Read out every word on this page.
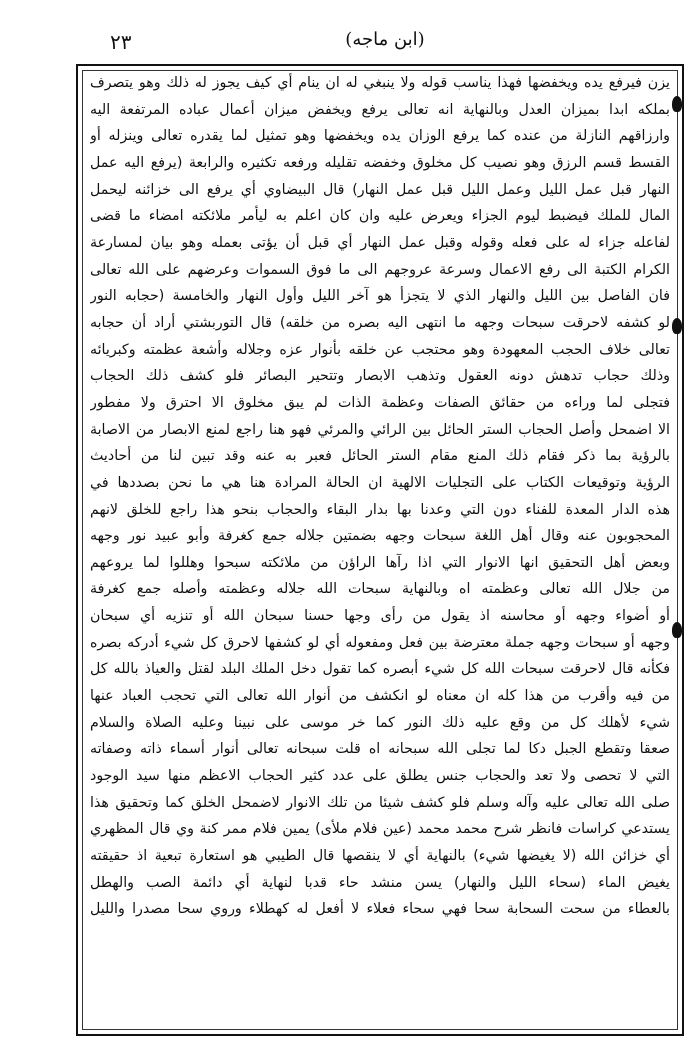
(ابن ماجه)
٢٣
يزن فيرفع يده ويخفضها فهذا يناسب قوله ولا ينبغي له ان ينام أي كيف يجوز له ذلك وهو يتصرف
بملكه ابدا بميزان العدل وبالنهاية انه تعالى يرفع ويخفض ميزان أعمال عباده المرتفعة اليه
وارزاقهم النازلة من عنده كما يرفع الوزان يده ويخفضها وهو تمثيل لما يقدره تعالى وينزله أو
القسط قسم الرزق وهو نصيب كل مخلوق وخفضه تقليله ورفعه تكثيره والرابعة (يرفع اليه عمل
النهار قبل عمل الليل وعمل الليل قبل عمل النهار) قال البيضاوي أي يرفع الى خزائنه ليحمل
المال للملك فيضبط ليوم الجزاء ويعرض عليه وان كان اعلم به ليأمر ملائكته امضاء ما قضى
لفاعله جزاء له على فعله وقوله وقبل عمل النهار أي قبل أن يؤتى بعمله وهو بيان لمسارعة
الكرام الكتبة الى رفع الاعمال وسرعة عروجهم الى ما فوق السموات وعرضهم على الله تعالى
فان الفاصل بين الليل والنهار الذي لا يتجزأ هو آخر الليل وأول النهار والخامسة (حجابه النور
لو كشفه لاحرقت سبحات وجهه ما انتهى اليه بصره من خلقه) قال التوربشتي أراد أن حجابه
تعالى خلاف الحجب المعهودة وهو محتجب عن خلقه بأنوار عزه وجلاله وأشعة عظمته وكبريائه
وذلك حجاب تدهش دونه العقول وتذهب الابصار وتتحير البصائر فلو كشف ذلك الحجاب
فتجلى لما وراءه من حقائق الصفات وعظمة الذات لم يبق مخلوق الا احترق ولا مفطور
الا اضمحل وأصل الحجاب الستر الحائل بين الرائي والمرئي فهو هنا راجع لمنع الابصار من الاصابة
بالرؤية بما ذكر فقام ذلك المنع مقام الستر الحائل فعبر به عنه وقد تبين لنا من أحاديث
الرؤية وتوقيعات الكتاب على التجليات الالهية ان الحالة المرادة هنا هي ما نحن بصددها في
هذه الدار المعدة للفناء دون التي وعدنا بها بدار البقاء والحجاب بنحو هذا راجع للخلق لانهم
المحجوبون عنه وقال أهل اللغة سبحات وجهه بضمتين جلاله جمع كغرفة وأبو عبيد نور وجهه
وبعض أهل التحقيق انها الانوار التي اذا رآها الراؤن من ملائكته سبحوا وهللوا لما يروعهم
من جلال الله تعالى وعظمته اه وبالنهاية سبحات الله جلاله وعظمته وأصله جمع كغرفة
أو أضواء وجهه أو محاسنه اذ يقول من رأى وجها حسنا سبحان الله أو تنزيه أي سبحان
وجهه أو سبحات وجهه جملة معترضة بين فعل ومفعوله أي لو كشفها لاحرق كل شيء أدركه بصره
فكأنه قال لاحرقت سبحات الله كل شيء أبصره كما تقول دخل الملك البلد لقتل والعياذ بالله كل
من فيه وأقرب من هذا كله ان معناه لو انكشف من أنوار الله تعالى التي تحجب العباد عنها
شيء لأهلك كل من وقع عليه ذلك النور كما خر موسى على نبينا وعليه الصلاة والسلام
صعقا وتقطع الجبل دكا لما تجلى الله سبحانه اه قلت سبحانه تعالى أنوار أسماء ذاته وصفاته
التي لا تحصى ولا تعد والحجاب جنس يطلق على عدد كثير الحجاب الاعظم منها سيد الوجود
صلى الله تعالى عليه وآله وسلم فلو كشف شيئا من تلك الانوار لاضمحل الخلق كما وتحقيق هذا
يستدعي كراسات فانظر شرح محمد محمد (عين فلام ملأى) يمين فلام ممر كنة وي قال المظهري
أي خزائن الله (لا يغيضها شيء) بالنهاية أي لا ينقصها قال الطيبي هو استعارة تبعية اذ حقيقته
يغيض الماء (سحاء الليل والنهار) يسن منشد حاء قدبا لنهاية أي دائمة الصب والهطل
بالعطاء من سحت السحابة سحا فهي سحاء فعلاء لا أفعل له كهطلاء وروي سحا مصدرا والليل
